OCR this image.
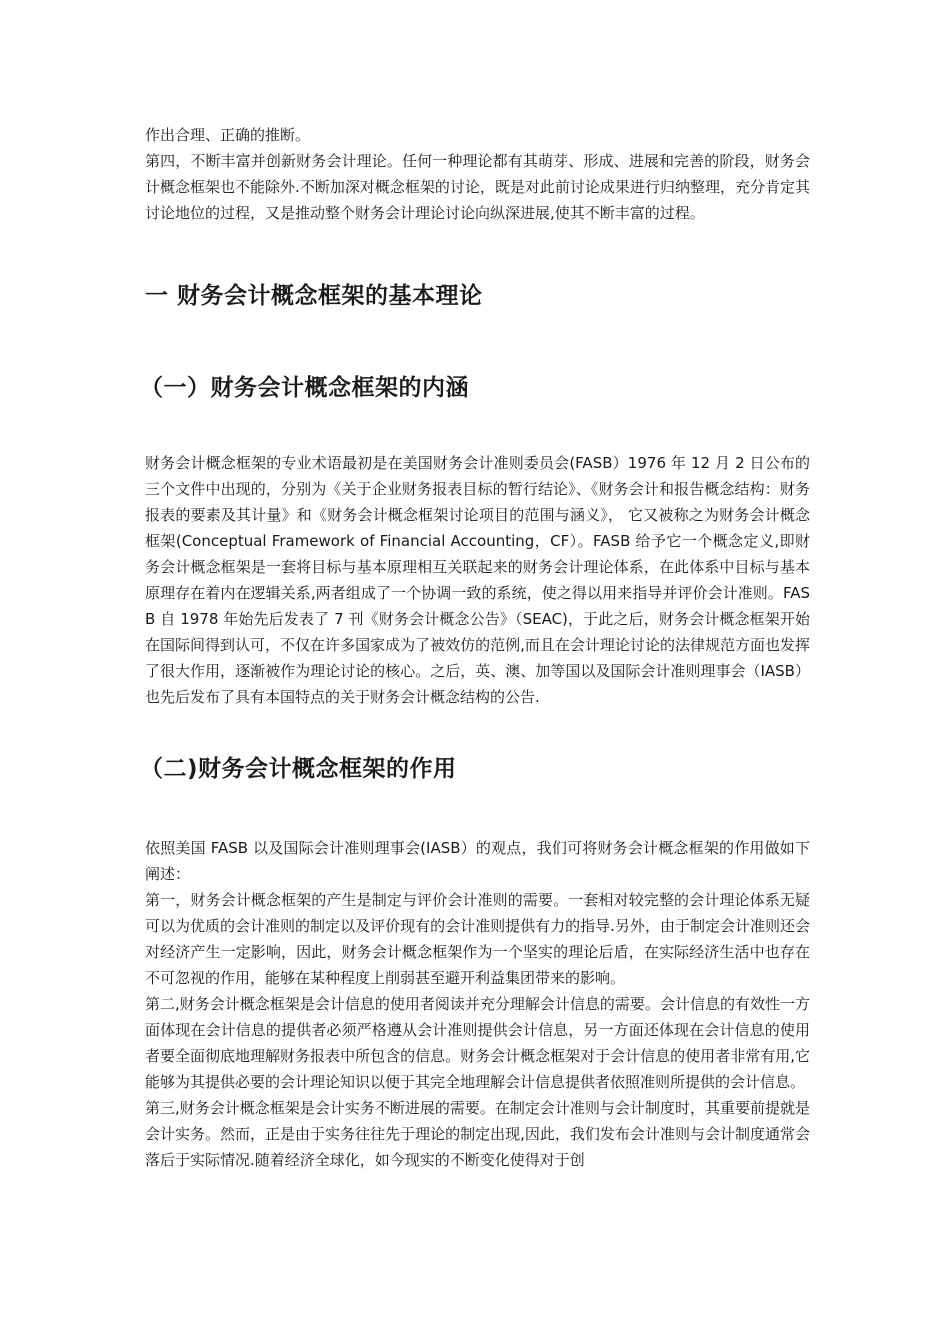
作出合理、正确的推断。

第四，不断丰富并创新财务会计理论。任何一种理论都有其萌芽、形成、进展和完善的阶段，财务会计概念框架也不能除外.不断加深对概念框架的讨论，既是对此前讨论成果进行归纳整理，充分肯定其讨论地位的过程，又是推动整个财务会计理论讨论向纵深进展,使其不断丰富的过程。

一 财务会计概念框架的基本理论
（一）财务会计概念框架的内涵

财务会计概念框架的专业术语最初是在美国财务会计准则委员会(FASB）1976 年 12 月 2 日公布的三个文件中出现的，分别为《关于企业财务报表目标的暂行结论》、《财务会计和报告概念结构：财务报表的要素及其计量》和《财务会计概念框架讨论项目的范围与涵义》， 它又被称之为财务会计概念框架(Conceptual Framework of Financial Accounting，CF）。FASB 给予它一个概念定义,即财务会计概念框架是一套将目标与基本原理相互关联起来的财务会计理论体系，在此体系中目标与基本原理存在着内在逻辑关系,两者组成了一个协调一致的系统，使之得以用来指导并评价会计准则。FASB 自 1978 年始先后发表了 7 刊《财务会计概念公告》（SEAC)，于此之后，财务会计概念框架开始在国际间得到认可，不仅在许多国家成为了被效仿的范例,而且在会计理论讨论的法律规范方面也发挥了很大作用，逐渐被作为理论讨论的核心。之后，英、澳、加等国以及国际会计准则理事会（IASB）也先后发布了具有本国特点的关于财务会计概念结构的公告.

（二)财务会计概念框架的作用

依照美国 FASB 以及国际会计准则理事会(IASB）的观点，我们可将财务会计概念框架的作用做如下阐述：

第一，财务会计概念框架的产生是制定与评价会计准则的需要。一套相对较完整的会计理论体系无疑可以为优质的会计准则的制定以及评价现有的会计准则提供有力的指导.另外，由于制定会计准则还会对经济产生一定影响，因此，财务会计概念框架作为一个坚实的理论后盾，在实际经济生活中也存在不可忽视的作用，能够在某种程度上削弱甚至避开利益集团带来的影响。

第二,财务会计概念框架是会计信息的使用者阅读并充分理解会计信息的需要。会计信息的有效性一方面体现在会计信息的提供者必须严格遵从会计准则提供会计信息，另一方面还体现在会计信息的使用者要全面彻底地理解财务报表中所包含的信息。财务会计概念框架对于会计信息的使用者非常有用,它能够为其提供必要的会计理论知识以便于其完全地理解会计信息提供者依照准则所提供的会计信息。

第三,财务会计概念框架是会计实务不断进展的需要。在制定会计准则与会计制度时，其重要前提就是会计实务。然而，正是由于实务往往先于理论的制定出现,因此，我们发布会计准则与会计制度通常会落后于实际情况.随着经济全球化，如今现实的不断变化使得对于创
